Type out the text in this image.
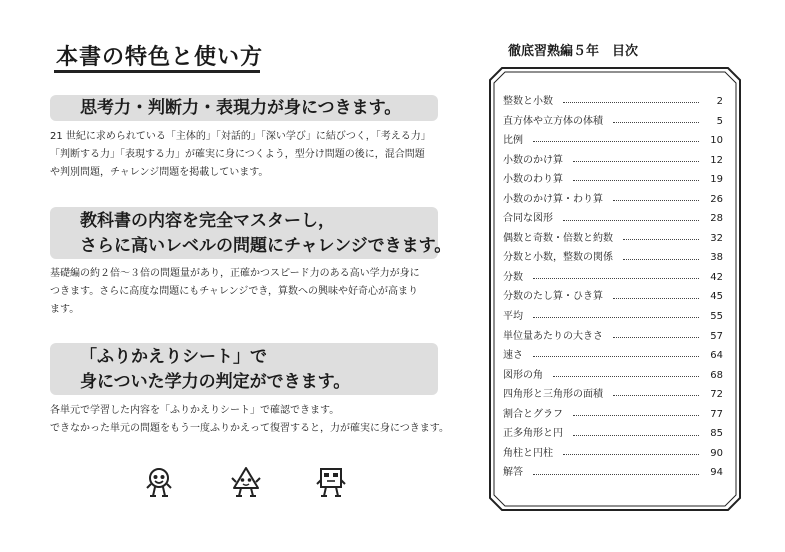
本書の特色と使い方
思考力・判断力・表現力が身につきます。
21 世紀に求められている「主体的」「対話的」「深い学び」に結びつく，「考える力」
「判断する力」「表現する力」が確実に身につくよう，型分け問題の後に，混合問題
や判別問題，チャレンジ問題を掲載しています。
教科書の内容を完全マスターし，
さらに高いレベルの問題にチャレンジできます。
基礎編の約２倍～３倍の問題量があり，正確かつスピード力のある高い学力が身に
つきます。さらに高度な問題にもチャレンジでき，算数への興味や好奇心が高まり
ます。
「ふりかえりシート」で
身についた学力の判定ができます。
各単元で学習した内容を「ふりかえりシート」で確認できます。
できなかった単元の問題をもう一度ふりかえって復習すると，力が確実に身につきます。
徹底習熟編５年　目次
整数と小数	2
直方体や立方体の体積	5
比例	10
小数のかけ算	12
小数のわり算	19
小数のかけ算・わり算	26
合同な図形	28
偶数と奇数・倍数と約数	32
分数と小数，整数の関係	38
分数	42
分数のたし算・ひき算	45
平均	55
単位量あたりの大きさ	57
速さ	64
図形の角	68
四角形と三角形の面積	72
割合とグラフ	77
正多角形と円	85
角柱と円柱	90
解答	94
